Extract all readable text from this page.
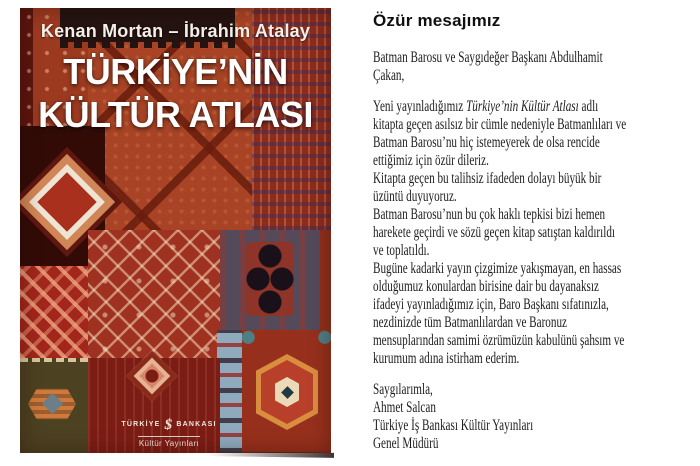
TÜRKİYE $ BANKASI
Kültür Yayınları
Kenan Mortan – İbrahim Atalay
TÜRKİYE’NİN
KÜLTÜR ATLASI
Özür mesajımız
Batman Barosu ve Saygıdeğer Başkanı Abdulhamit
Çakan,
Yeni yayınladığımız Türkiye’nin Kültür Atlası adlı
kitapta geçen asılsız bir cümle nedeniyle Batmanlıları ve
Batman Barosu’nu hiç istemeyerek de olsa rencide
ettiğimiz için özür dileriz.
Kitapta geçen bu talihsiz ifadeden dolayı büyük bir
üzüntü duyuyoruz.
Batman Barosu’nun bu çok haklı tepkisi bizi hemen
harekete geçirdi ve sözü geçen kitap satıştan kaldırıldı
ve toplatıldı.
Bugüne kadarki yayın çizgimize yakışmayan, en hassas
olduğumuz konulardan birisine dair bu dayanaksız
ifadeyi yayınladığımız için, Baro Başkanı sıfatınızla,
nezdinizde tüm Batmanlılardan ve Baronuz
mensuplarından samimi özrümüzün kabulünü şahsım ve
kurumum adına istirham ederim.
Saygılarımla,
Ahmet Salcan
Türkiye İş Bankası Kültür Yayınları
Genel Müdürü
